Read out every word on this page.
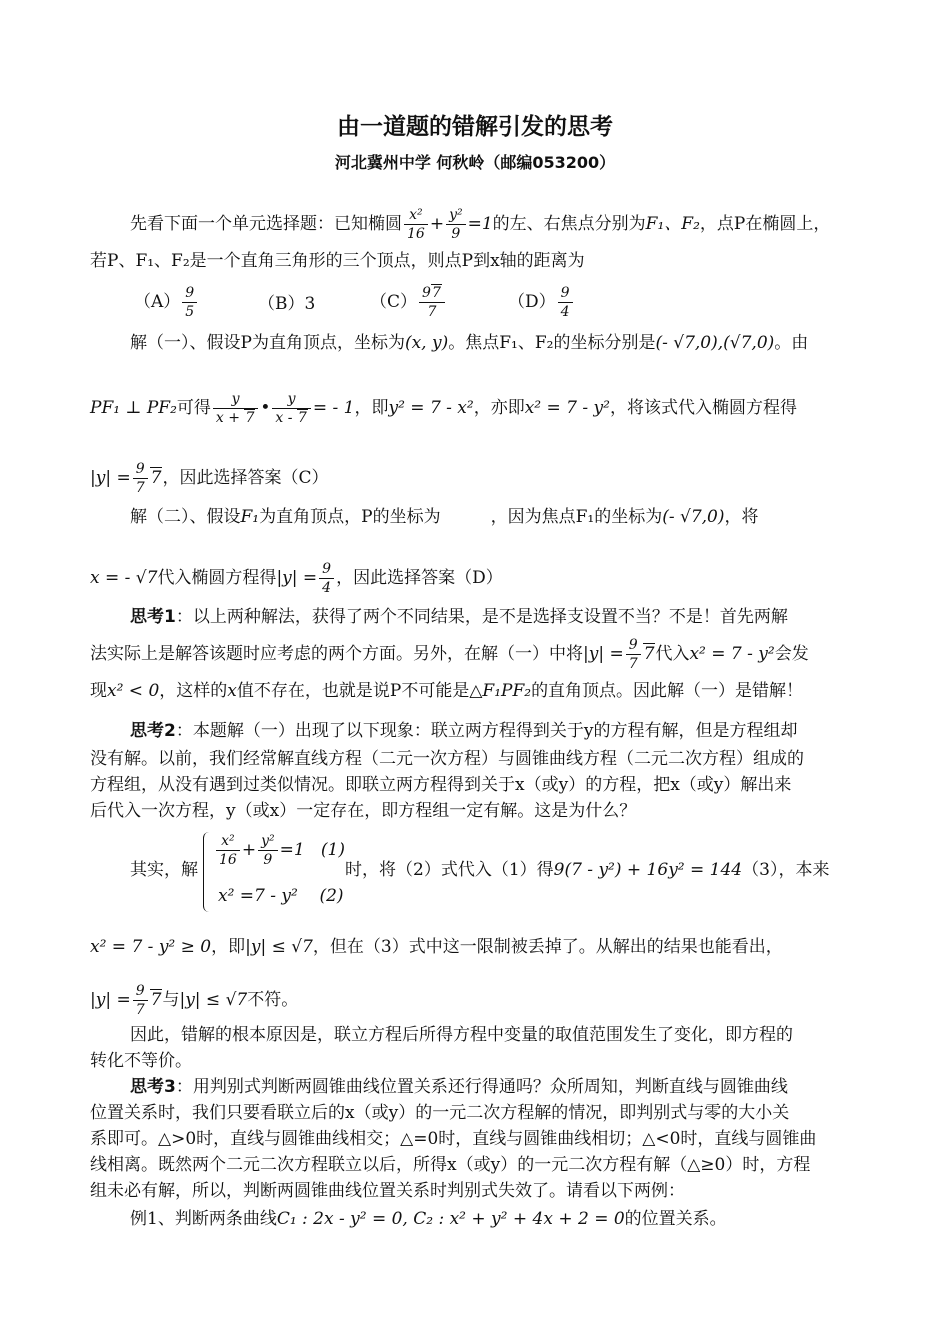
由一道题的错解引发的思考
河北冀州中学 何秋岭（邮编053200）
先看下面一个单元选择题：已知椭圆 $\frac{\text{x²}}{16} + \frac{\text{y²}}{9} =1$的左、右焦点分别为F₁、F₂，点P在椭圆上，
若P、F₁、F₂是一个直角三角形的三个顶点，则点P到x轴的距离为
$(A) \frac{9}{5}$	（B）3	$(C) \frac{97}{7}$	$(D) \frac{9}{4}$
解（一）、假设P为直角顶点，坐标为(x, y)。焦点F₁、F₂的坐标分别是(- √7,0),(√7,0)。由
PF₁ ⊥ PF₂可得 $\frac{y}{x + 7}$ • $\frac{y}{x - 7}$ = - 1，即y² = 7 - x²，亦即x² = 7 - y²，将该式代入椭圆方程得
$|y| = \frac{9}{7} 7$，因此选择答案（C）
解（二）、假设F₁为直角顶点，P的坐标为	，因为焦点F₁的坐标为(- √7,0)，将
x = - √7代入椭圆方程得$|y| = \frac{9}{4}$ ，因此选择答案（D）
思考1：以上两种解法，获得了两个不同结果，是不是选择支设置不当？不是！首先两解
法实际上是解答该题时应考虑的两个方面。另外，在解（一）中将$|y| = \frac{9}{7} 7$代入x² = 7 - y²会发
现x² < 0，这样的x值不存在，也就是说P不可能是△F₁PF₂的直角顶点。因此解（一）是错解！
思考2：本题解（一）出现了以下现象：联立两方程得到关于y的方程有解，但是方程组却
没有解。以前，我们经常解直线方程（二元一次方程）与圆锥曲线方程（二元二次方程）组成的
方程组，从没有遇到过类似情况。即联立两方程得到关于x（或y）的方程，把x（或y）解出来
后代入一次方程，y（或x）一定存在，即方程组一定有解。这是为什么？
其实，解
$\frac{\text{x²}}{16} + \frac{\text{y²}}{9} =1$   (1)
x² =7 - y²    (2)
时，将（2）式代入（1）得9(7 - y²) + 16y² = 144（3），本来
x² = 7 - y² ≥ 0，即|y| ≤ √7，但在（3）式中这一限制被丢掉了。从解出的结果也能看出，
$|y| = \frac{9}{7} 7$与|y| ≤ √7不符。
因此，错解的根本原因是，联立方程后所得方程中变量的取值范围发生了变化，即方程的
转化不等价。
思考3：用判别式判断两圆锥曲线位置关系还行得通吗？众所周知，判断直线与圆锥曲线
位置关系时，我们只要看联立后的x（或y）的一元二次方程解的情况，即判别式与零的大小关
系即可。△>0时，直线与圆锥曲线相交；△=0时，直线与圆锥曲线相切；△<0时，直线与圆锥曲
线相离。既然两个二元二次方程联立以后，所得x（或y）的一元二次方程有解（△≥0）时，方程
组未必有解，所以，判断两圆锥曲线位置关系时判别式失效了。请看以下两例：
例1、判断两条曲线C₁ : 2x - y² = 0, C₂ : x² + y² + 4x + 2 = 0的位置关系。
